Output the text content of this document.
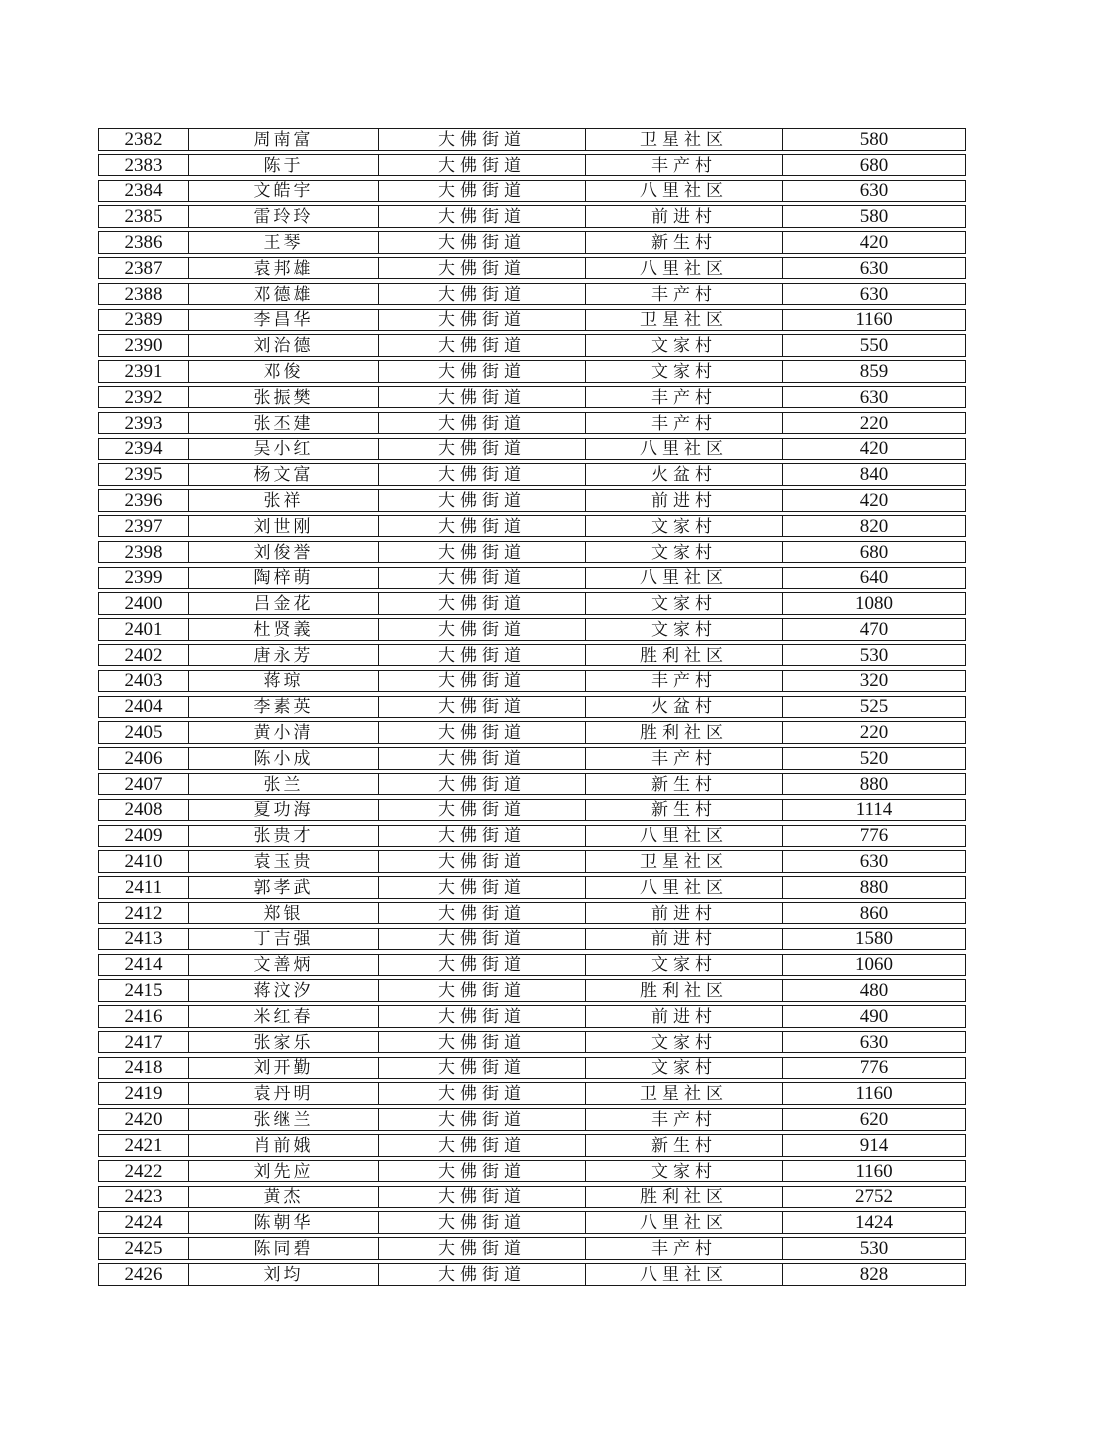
2382	周南富	大佛街道	卫星社区	580
2383	陈于	大佛街道	丰产村	680
2384	文皓宇	大佛街道	八里社区	630
2385	雷玲玲	大佛街道	前进村	580
2386	王琴	大佛街道	新生村	420
2387	袁邦雄	大佛街道	八里社区	630
2388	邓德雄	大佛街道	丰产村	630
2389	李昌华	大佛街道	卫星社区	1160
2390	刘治德	大佛街道	文家村	550
2391	邓俊	大佛街道	文家村	859
2392	张振樊	大佛街道	丰产村	630
2393	张丕建	大佛街道	丰产村	220
2394	吴小红	大佛街道	八里社区	420
2395	杨文富	大佛街道	火盆村	840
2396	张祥	大佛街道	前进村	420
2397	刘世刚	大佛街道	文家村	820
2398	刘俊誉	大佛街道	文家村	680
2399	陶梓萌	大佛街道	八里社区	640
2400	吕金花	大佛街道	文家村	1080
2401	杜贤義	大佛街道	文家村	470
2402	唐永芳	大佛街道	胜利社区	530
2403	蒋琼	大佛街道	丰产村	320
2404	李素英	大佛街道	火盆村	525
2405	黄小清	大佛街道	胜利社区	220
2406	陈小成	大佛街道	丰产村	520
2407	张兰	大佛街道	新生村	880
2408	夏功海	大佛街道	新生村	1114
2409	张贵才	大佛街道	八里社区	776
2410	袁玉贵	大佛街道	卫星社区	630
2411	郭孝武	大佛街道	八里社区	880
2412	郑银	大佛街道	前进村	860
2413	丁吉强	大佛街道	前进村	1580
2414	文善炳	大佛街道	文家村	1060
2415	蒋汶汐	大佛街道	胜利社区	480
2416	米红春	大佛街道	前进村	490
2417	张家乐	大佛街道	文家村	630
2418	刘开勤	大佛街道	文家村	776
2419	袁丹明	大佛街道	卫星社区	1160
2420	张继兰	大佛街道	丰产村	620
2421	肖前娥	大佛街道	新生村	914
2422	刘先应	大佛街道	文家村	1160
2423	黄杰	大佛街道	胜利社区	2752
2424	陈朝华	大佛街道	八里社区	1424
2425	陈同碧	大佛街道	丰产村	530
2426	刘均	大佛街道	八里社区	828
